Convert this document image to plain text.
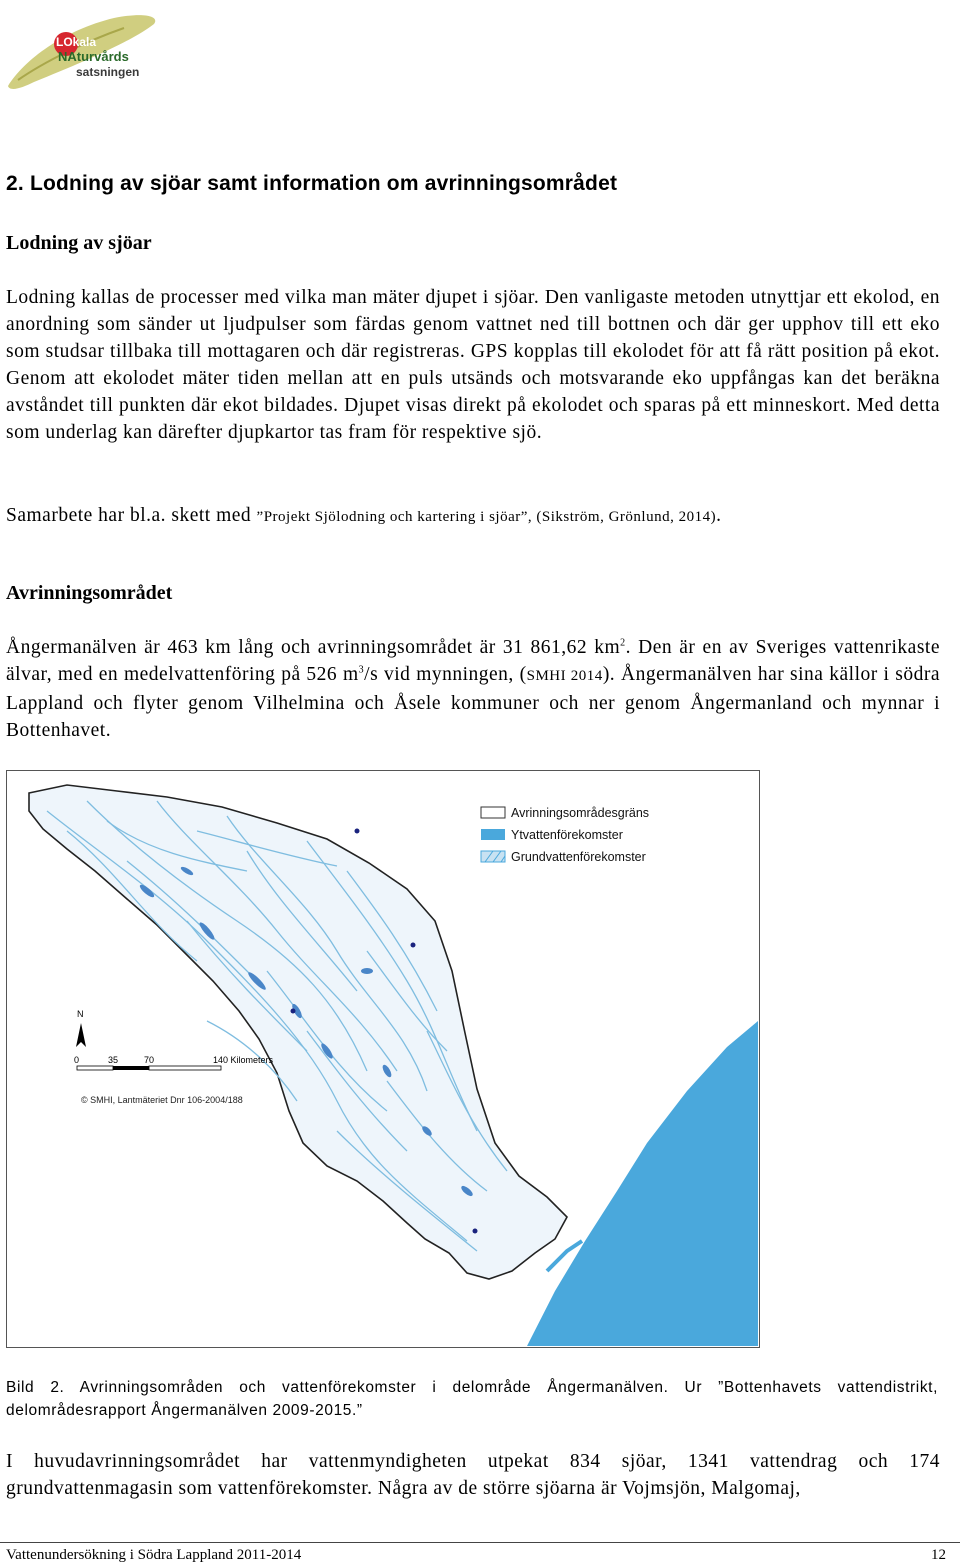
LOkala
NAturvårds
satsningen
2. Lodning av sjöar samt information om avrinningsområdet
Lodning av sjöar
Lodning kallas de processer med vilka man mäter djupet i sjöar. Den vanligaste metoden utnyttjar ett ekolod, en anordning som sänder ut ljudpulser som färdas genom vattnet ned till bottnen och där ger upphov till ett eko som studsar tillbaka till mottagaren och där registreras. GPS kopplas till ekolodet för att få rätt position på ekot. Genom att ekolodet mäter tiden mellan att en puls utsänds och motsvarande eko uppfångas kan det beräkna avståndet till punkten där ekot bildades. Djupet visas direkt på ekolodet och sparas på ett minneskort. Med detta som underlag kan därefter djupkartor tas fram för respektive sjö.
Samarbete har bl.a. skett med ”Projekt Sjölodning och kartering i sjöar”, (Sikström, Grönlund, 2014).
Avrinningsområdet
Ångermanälven är 463 km lång och avrinningsområdet är 31 861,62 $km^2$. Den är en av Sveriges vattenrikaste älvar, med en medelvattenföring på 526 $m^3/s$ vid mynningen, (SMHI 2014). Ångermanälven har sina källor i södra Lappland och flyter genom Vilhelmina och Åsele kommuner och ner genom Ångermanland och mynnar i Bottenhavet.
Avrinningsområdesgräns
Ytvattenförekomster
Grundvattenförekomster
N
0	35	70	140 Kilometers
© SMHI, Lantmäteriet Dnr 106-2004/188
Bild 2. Avrinningsområden och vattenförekomster i delområde Ångermanälven. Ur ”Bottenhavets vattendistrikt, delområdesrapport Ångermanälven 2009-2015.”
I huvudavrinningsområdet har vattenmyndigheten utpekat 834 sjöar, 1341 vattendrag och 174 grundvattenmagasin som vattenförekomster. Några av de större sjöarna är Vojmsjön, Malgomaj,
Vattenundersökning i Södra Lappland 2011-2014	12
